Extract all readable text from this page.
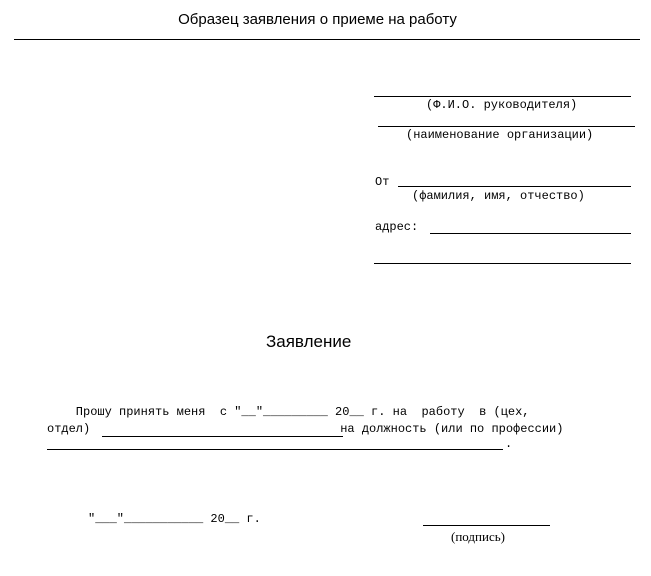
Образец заявления о приеме на работу
(Ф.И.О. руководителя)
(наименование организации)
От
(фамилия, имя, отчество)
адрес:
Заявление
Прошу принять меня  с "__"_________ 20__ г. на  работу  в (цех,
отдел)	на должность (или по профессии)
.
"___"___________ 20__ г.
(подпись)
